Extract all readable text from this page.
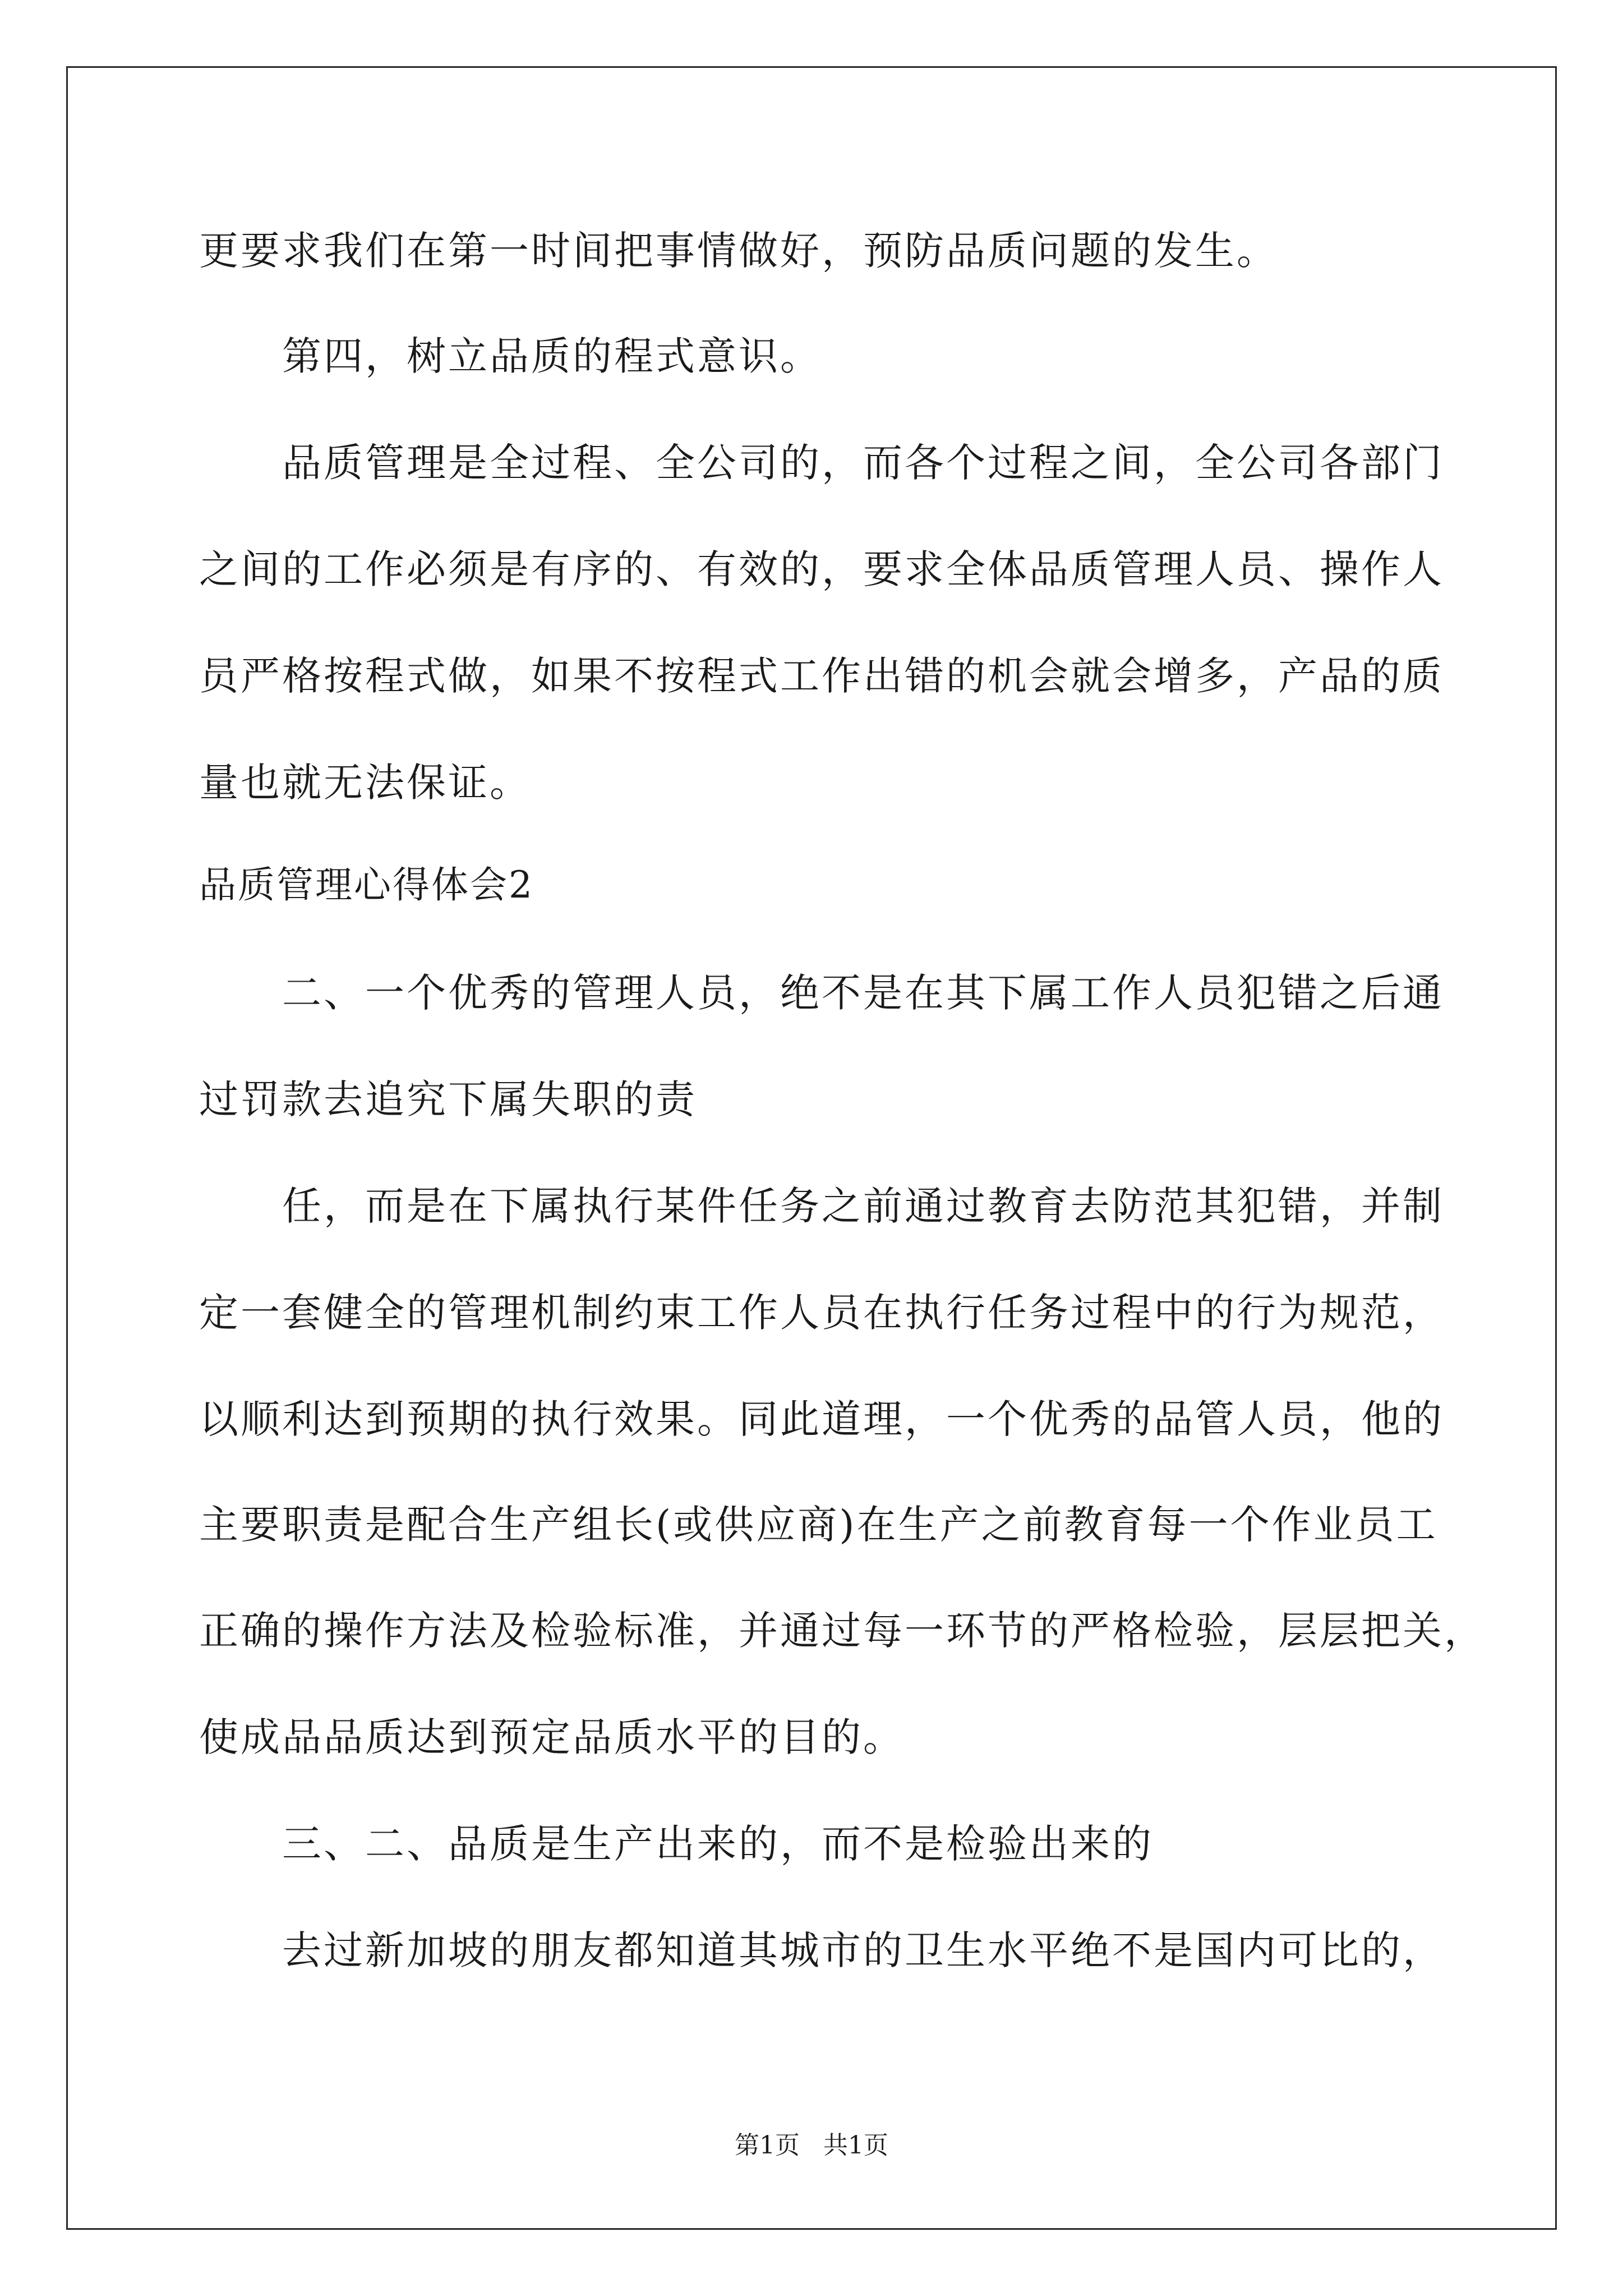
更要求我们在第一时间把事情做好，预防品质问题的发生。
第四，树立品质的程式意识。
品质管理是全过程、全公司的，而各个过程之间，全公司各部门
之间的工作必须是有序的、有效的，要求全体品质管理人员、操作人
员严格按程式做，如果不按程式工作出错的机会就会增多，产品的质
量也就无法保证。
品质管理心得体会2
二、一个优秀的管理人员，绝不是在其下属工作人员犯错之后通
过罚款去追究下属失职的责
任，而是在下属执行某件任务之前通过教育去防范其犯错，并制
定一套健全的管理机制约束工作人员在执行任务过程中的行为规范，
以顺利达到预期的执行效果。同此道理，一个优秀的品管人员，他的
主要职责是配合生产组长(或供应商)在生产之前教育每一个作业员工
正确的操作方法及检验标准，并通过每一环节的严格检验，层层把关，
使成品品质达到预定品质水平的目的。
三、二、品质是生产出来的，而不是检验出来的
去过新加坡的朋友都知道其城市的卫生水平绝不是国内可比的，
第1页 共1页
